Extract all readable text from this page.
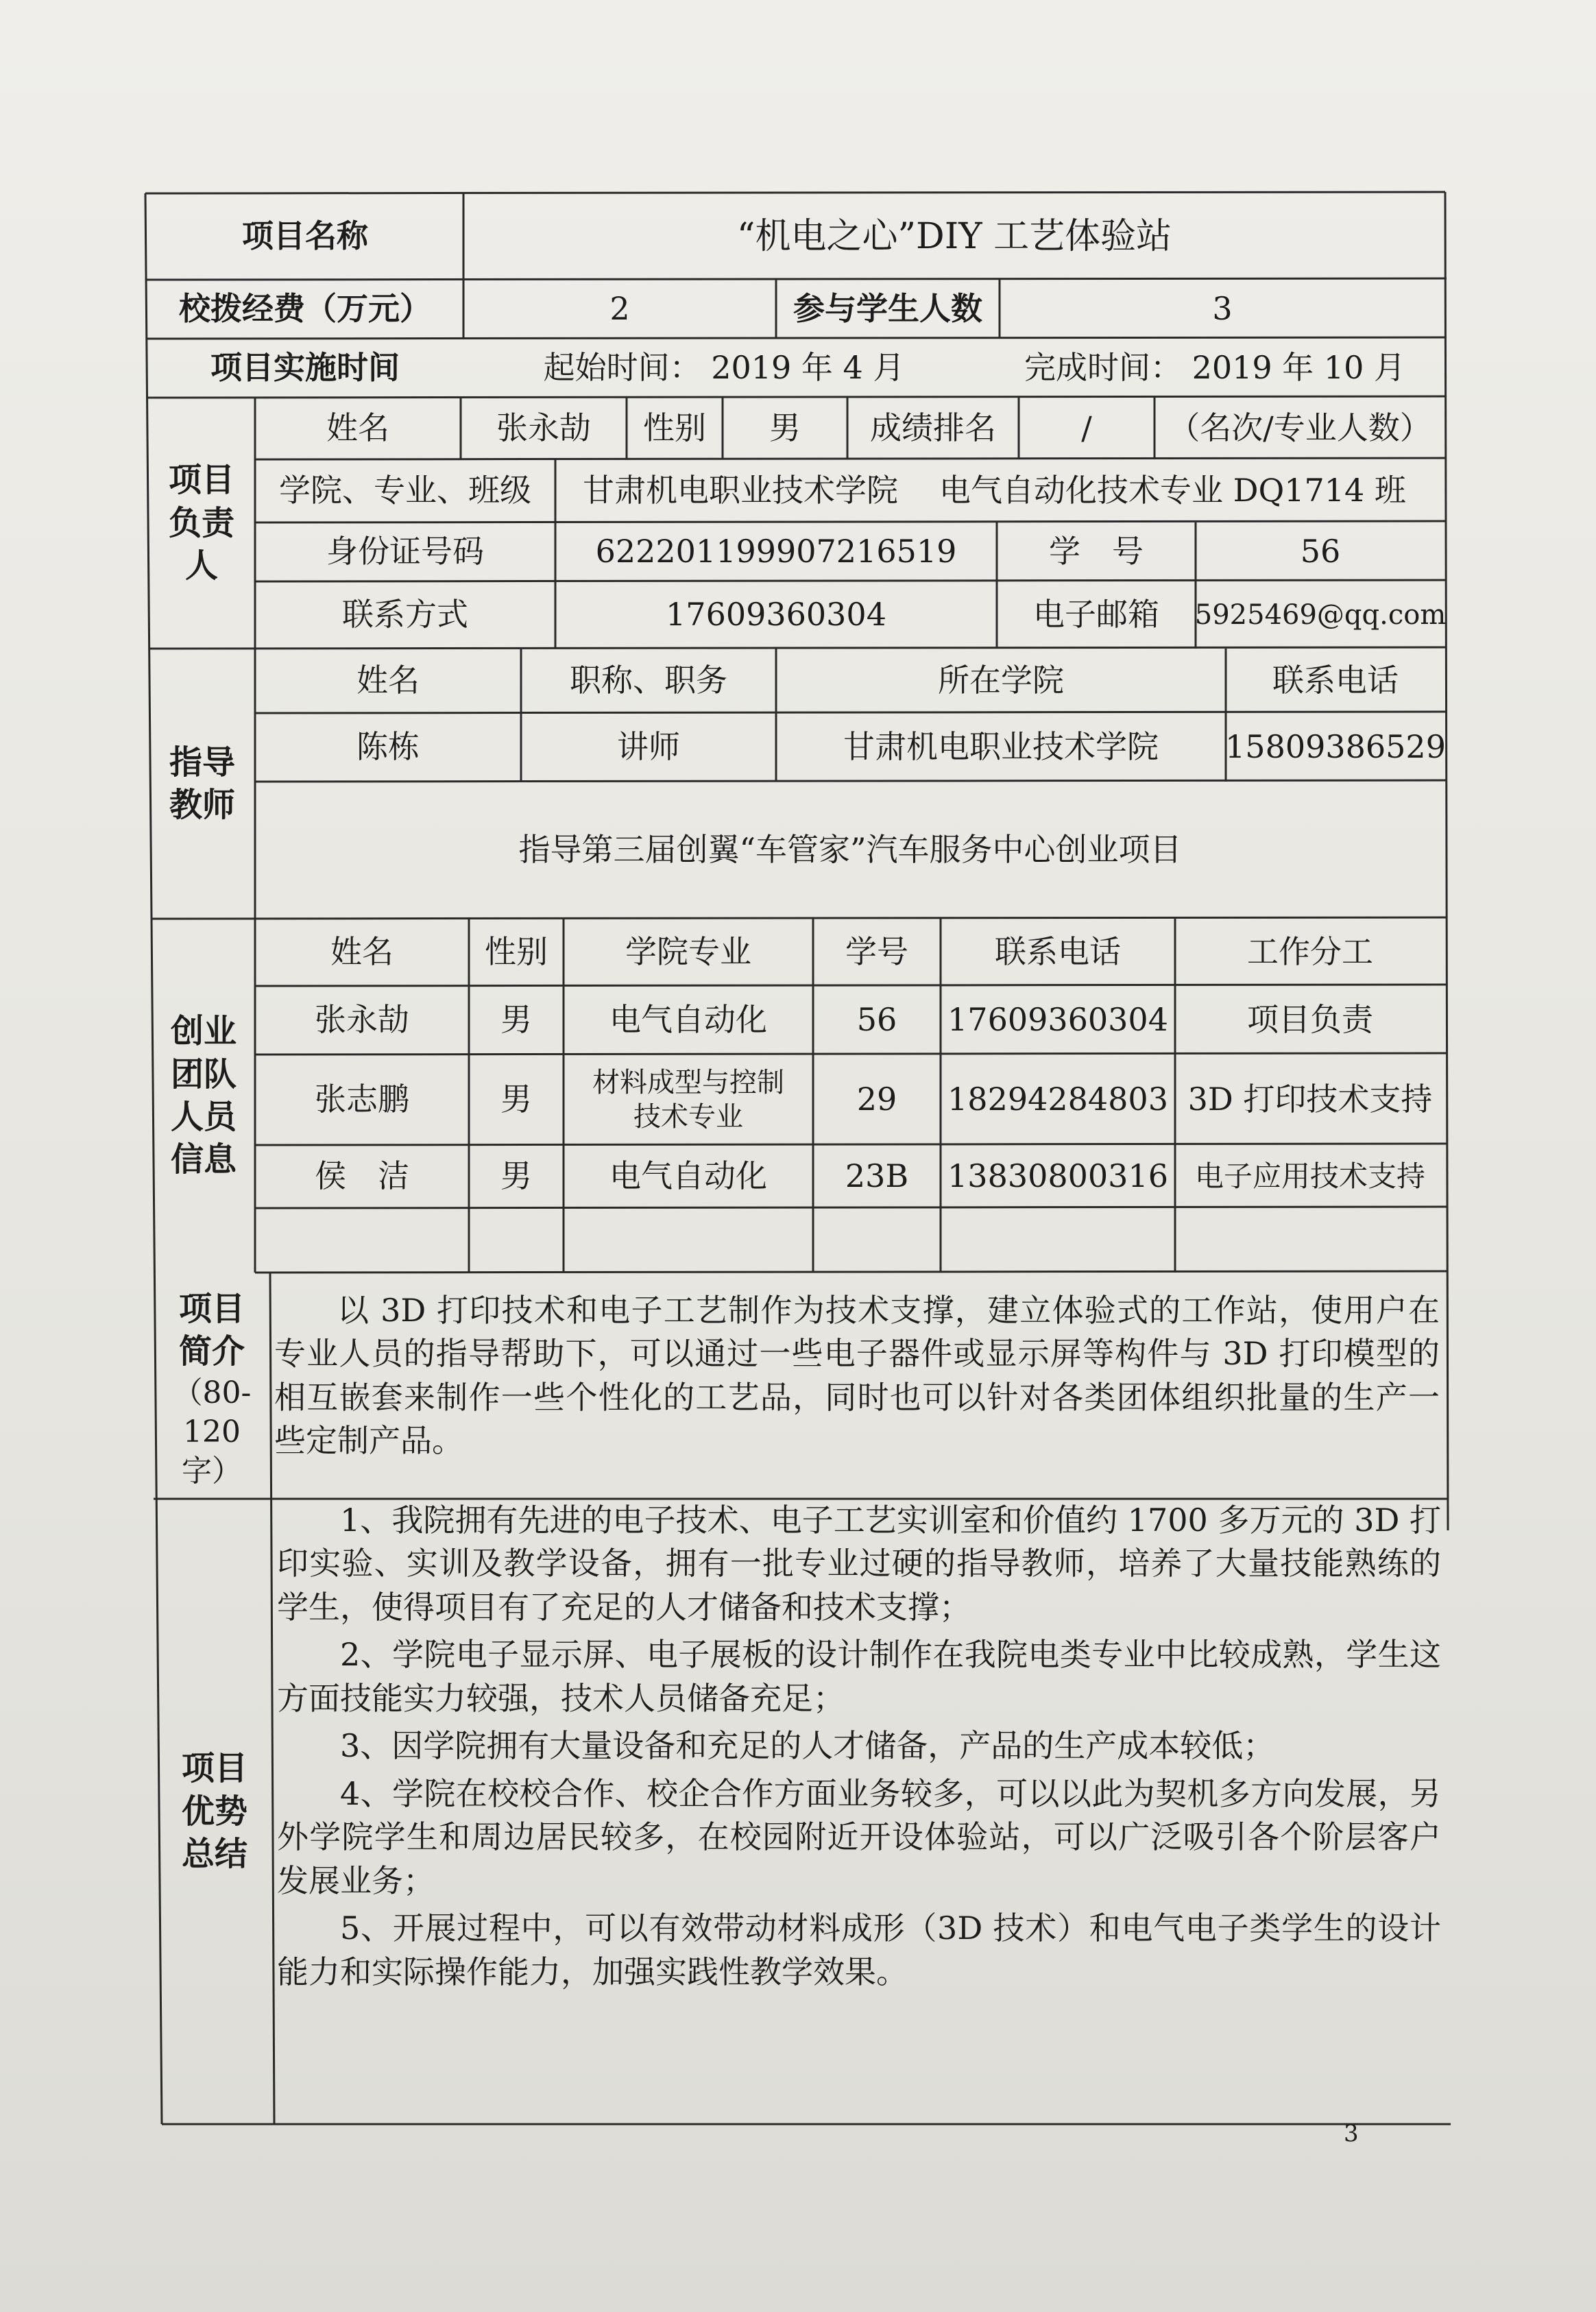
项目名称	“机电之心”DIY 工艺体验站
校拨经费（万元）	2	参与学生人数	3
项目实施时间	起始时间： 2019 年 4 月	完成时间： 2019 年 10 月
项目负责人
姓名	张永劼	性别	男	成绩排名	/	（名次/专业人数）
学院、专业、班级	甘肃机电职业技术学院	电气自动化技术专业 DQ1714 班
身份证号码	622201199907216519	学　号	56
联系方式	17609360304	电子邮箱	5925469@qq.com
指导教师
姓名	职称、职务	所在学院	联系电话
陈栋	讲师	甘肃机电职业技术学院	15809386529
指导第三届创翼“车管家”汽车服务中心创业项目
创业团队人员信息
姓名	性别	学院专业	学号	联系电话	工作分工
张永劼	男	电气自动化	56	17609360304	项目负责
张志鹏	男	材料成型与控制技术专业	29	18294284803 3D 打印技术支持
侯　洁	男	电气自动化	23B	13830800316 电子应用技术支持
项目简介
（80-120字）

以 3D 打印技术和电子工艺制作为技术支撑，建立体验式的工作站，使用户在专业人员的指导帮助下，可以通过一些电子器件或显示屏等构件与 3D 打印模型的相互嵌套来制作一些个性化的工艺品，同时也可以针对各类团体组织批量的生产一些定制产品。

项目优势总结

1、我院拥有先进的电子技术、电子工艺实训室和价值约 1700 多万元的 3D 打印实验、实训及教学设备，拥有一批专业过硬的指导教师，培养了大量技能熟练的学生，使得项目有了充足的人才储备和技术支撑；

2、学院电子显示屏、电子展板的设计制作在我院电类专业中比较成熟，学生这方面技能实力较强，技术人员储备充足；

3、因学院拥有大量设备和充足的人才储备，产品的生产成本较低；

4、学院在校校合作、校企合作方面业务较多，可以以此为契机多方向发展，另外学院学生和周边居民较多，在校园附近开设体验站，可以广泛吸引各个阶层客户发展业务；

5、开展过程中，可以有效带动材料成形（3D 技术）和电气电子类学生的设计能力和实际操作能力，加强实践性教学效果。

3
